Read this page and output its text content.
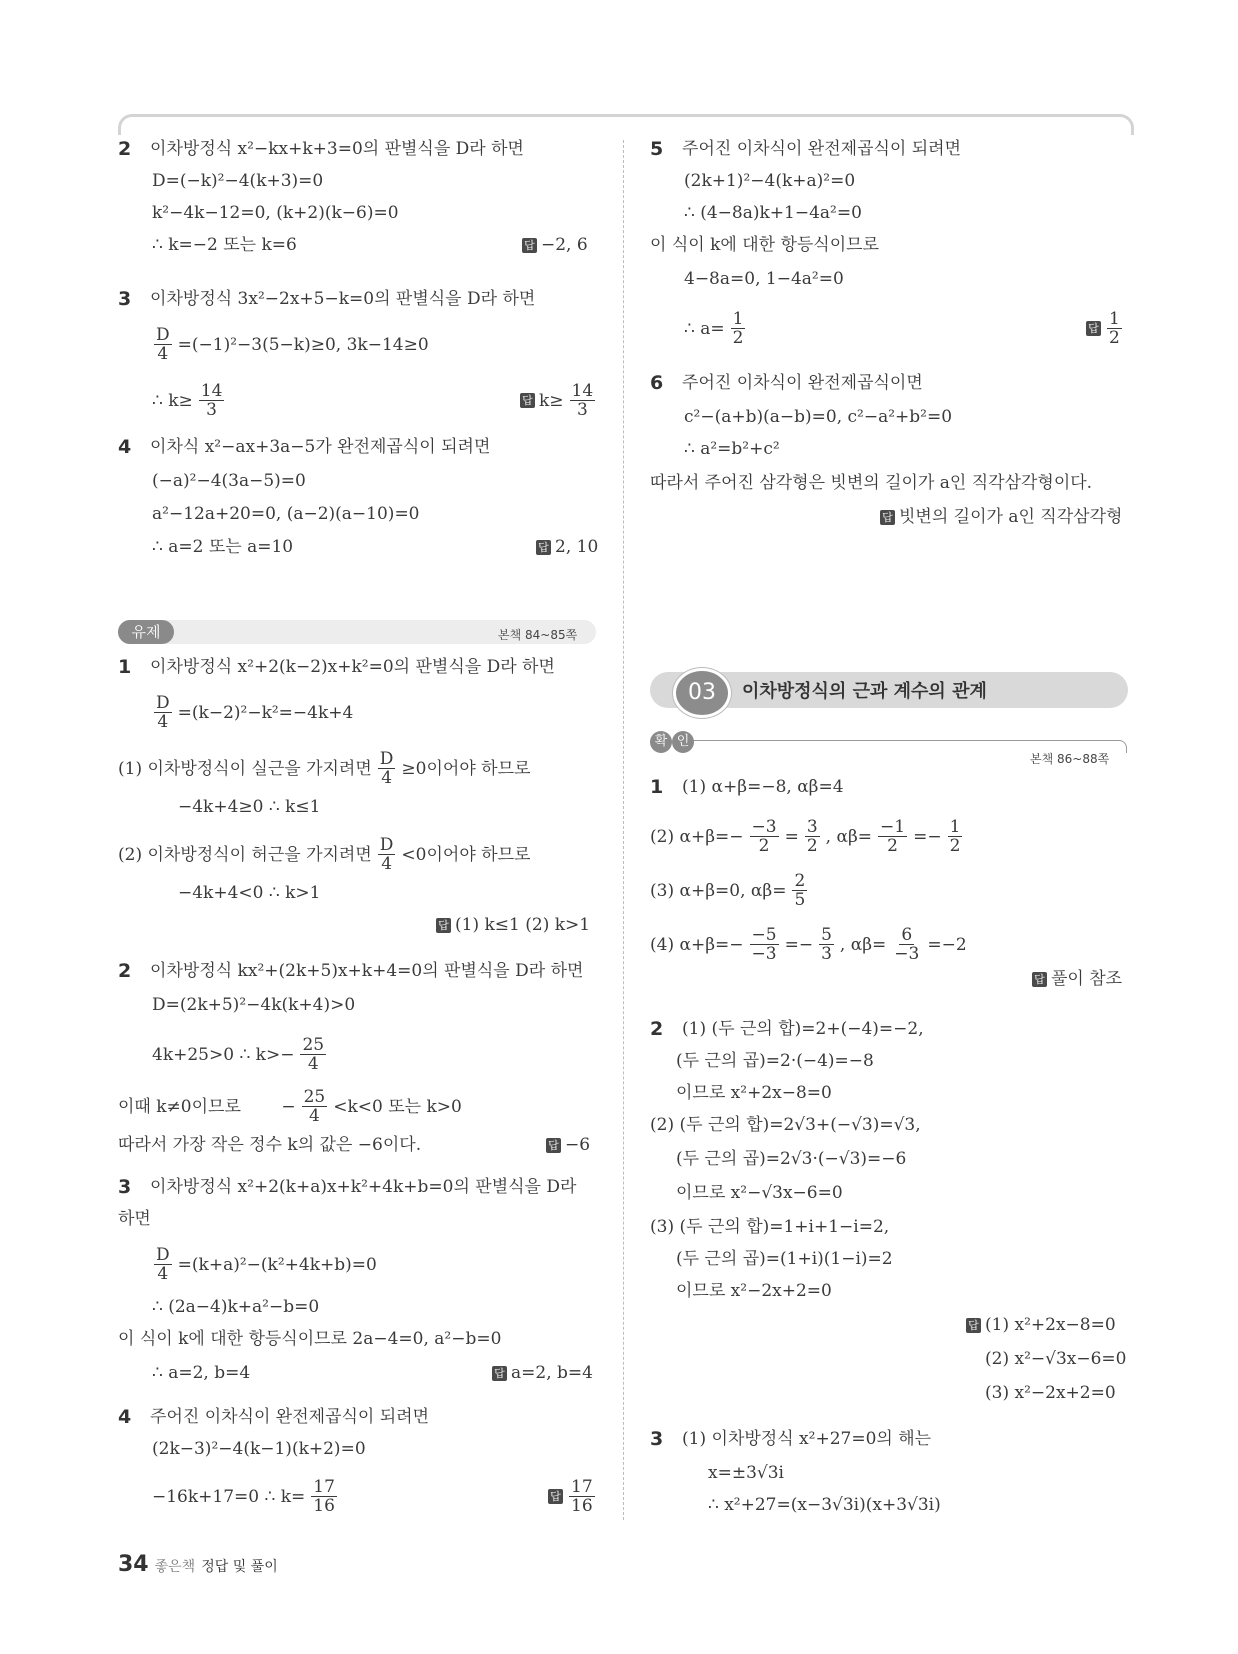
2
이차방정식 x²−kx+k+3=0의 판별식을 D라 하면
D=(−k)²−4(k+3)=0
k²−4k−12=0, (k+2)(k−6)=0
∴ k=−2 또는 k=6	답 −2, 6
3
이차방정식 3x²−2x+5−k=0의 판별식을 D라 하면
$\frac{D}{4} =(-1)^2-3(5-k)\ge 0$, 3k−14≥0
∴ $k\ge \frac{14}{3}$	답 $k\ge \frac{14}{3}$
4
이차식 x²−ax+3a−5가 완전제곱식이 되려면
(−a)²−4(3a−5)=0
a²−12a+20=0, (a−2)(a−10)=0
∴ a=2 또는 a=10	답 2, 10
유제	본책 84~85쪽
1
이차방정식 x²+2(k−2)x+k²=0의 판별식을 D라 하면
$\frac{D}{4} =(k-2)^2-k^2=-4k+4$
(1) 이차방정식이 실근을 가지려면 $\frac{D}{4} \ge 0$이어야 하므로
−4k+4≥0 ∴ k≤1
(2) 이차방정식이 허근을 가지려면 $\frac{D}{4} <0$이어야 하므로
−4k+4<0 ∴ k>1
답 (1) k≤1 (2) k>1
2
이차방정식 kx²+(2k+5)x+k+4=0의 판별식을 D라 하면
D=(2k+5)²−4k(k+4)>0
4k+25>0 ∴ $k>- \frac{25}{4}$
이때 k≠0이므로
− $\frac{25}{4} <k<0$ 또는 k>0
따라서 가장 작은 정수 k의 값은 −6이다.	답 −6
3
이차방정식 x²+2(k+a)x+k²+4k+b=0의 판별식을 D라
하면
$\frac{D}{4} =(k+a)^2-(k^2+4k+b)=0$
∴ (2a−4)k+a²−b=0
이 식이 k에 대한 항등식이므로 2a−4=0, a²−b=0
∴ a=2, b=4	답 a=2, b=4
4
주어진 이차식이 완전제곱식이 되려면
(2k−3)²−4(k−1)(k+2)=0
−16k+17=0 ∴ $k= \frac{17}{16}$	답 $\frac{17}{16}$
5
주어진 이차식이 완전제곱식이 되려면
(2k+1)²−4(k+a)²=0
∴ (4−8a)k+1−4a²=0
이 식이 k에 대한 항등식이므로
4−8a=0, 1−4a²=0
∴ $a= \frac{1}{2}$	답 $\frac{1}{2}$
6
주어진 이차식이 완전제곱식이면
c²−(a+b)(a−b)=0, c²−a²+b²=0
∴ a²=b²+c²
따라서 주어진 삼각형은 빗변의 길이가 a인 직각삼각형이다.
답 빗변의 길이가 a인 직각삼각형
03	이차방정식의 근과 계수의 관계
확 인
본책 86~88쪽
1
(1) α+β=−8, αβ=4
(2) $\alpha+\beta=- \frac{-3}{2} = \frac{3}{2}$ , $\alpha\beta= \frac{-1}{2} =- \frac{1}{2}$
(3) α+β=0, $\alpha\beta= \frac{2}{5}$
(4) $\alpha+\beta=- \frac{-5}{-3} =- \frac{5}{3}$ , $\alpha\beta= \frac{6}{-3} =-2$
답 풀이 참조
2
(1) (두 근의 합)=2+(−4)=−2,
(두 근의 곱)=2·(−4)=−8
이므로 x²+2x−8=0
(2) (두 근의 합)=2√3+(−√3)=√3,
(두 근의 곱)=2√3·(−√3)=−6
이므로 x²−√3x−6=0
(3) (두 근의 합)=1+i+1−i=2,
(두 근의 곱)=(1+i)(1−i)=2
이므로 x²−2x+2=0
답 (1) x²+2x−8=0
(2) x²−√3x−6=0
(3) x²−2x+2=0
3
(1) 이차방정식 x²+27=0의 해는
x=±3√3i
∴ x²+27=(x−3√3i)(x+3√3i)
34 좋은책 정답 및 풀이
